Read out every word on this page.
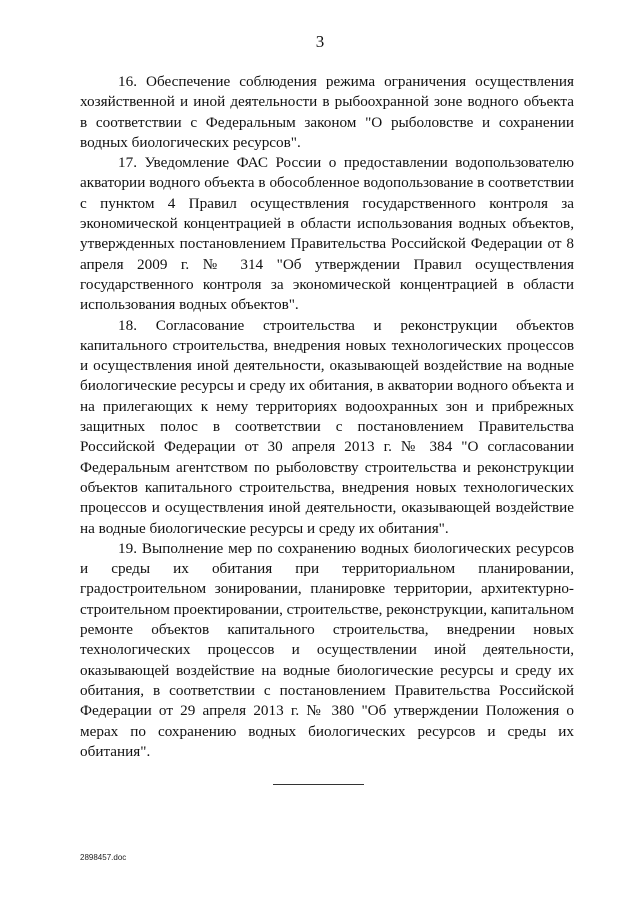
3

16. Обеспечение соблюдения режима ограничения осуществления хозяйственной и иной деятельности в рыбоохранной зоне водного объекта в соответствии с Федеральным законом "О рыболовстве и сохранении водных биологических ресурсов".

17. Уведомление ФАС России о предоставлении водопользователю акватории водного объекта в обособленное водопользование в соответствии с пунктом 4 Правил осуществления государственного контроля за экономической концентрацией в области использования водных объектов, утвержденных постановлением Правительства Российской Федерации от 8 апреля 2009 г. № 314 "Об утверждении Правил осуществления государственного контроля за экономической концентрацией в области использования водных объектов".

18. Согласование строительства и реконструкции объектов капитального строительства, внедрения новых технологических процессов и осуществления иной деятельности, оказывающей воздействие на водные биологические ресурсы и среду их обитания, в акватории водного объекта и на прилегающих к нему территориях водоохранных зон и прибрежных защитных полос в соответствии с постановлением Правительства Российской Федерации от 30 апреля 2013 г. № 384 "О согласовании Федеральным агентством по рыболовству строительства и реконструкции объектов капитального строительства, внедрения новых технологических процессов и осуществления иной деятельности, оказывающей воздействие на водные биологические ресурсы и среду их обитания".

19. Выполнение мер по сохранению водных биологических ресурсов и среды их обитания при территориальном планировании, градостроительном зонировании, планировке территории, архитектурно-строительном проектировании, строительстве, реконструкции, капитальном ремонте объектов капитального строительства, внедрении новых технологических процессов и осуществлении иной деятельности, оказывающей воздействие на водные биологические ресурсы и среду их обитания, в соответствии с постановлением Правительства Российской Федерации от 29 апреля 2013 г. № 380 "Об утверждении Положения о мерах по сохранению водных биологических ресурсов и среды их обитания".

2898457.doc
